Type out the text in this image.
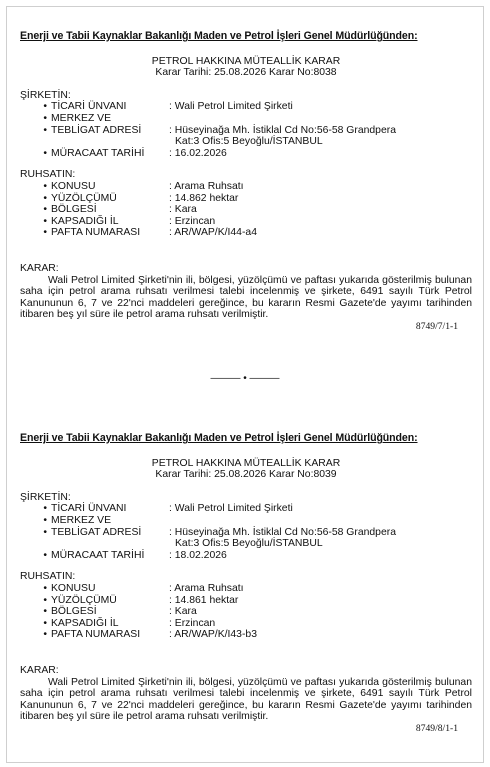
Enerji ve Tabii Kaynaklar Bakanlığı Maden ve Petrol İşleri Genel Müdürlüğünden:
PETROL HAKKINA MÜTEALLİK KARAR
Karar Tarihi: 25.08.2026 Karar No:8038
ŞİRKETİN:
• TİCARİ ÜNVANI	: Wali Petrol Limited Şirketi
• MERKEZ VE
• TEBLİGAT ADRESİ	: Hüseyinağa Mh. İstiklal Cd No:56-58 Grandpera
Kat:3 Ofis:5 Beyoğlu/İSTANBUL
• MÜRACAAT TARİHİ	: 16.02.2026
RUHSATIN:
• KONUSU	: Arama Ruhsatı
• YÜZÖLÇÜMÜ	: 14.862 hektar
• BÖLGESİ	: Kara
• KAPSADIĞI İL	: Erzincan
• PAFTA NUMARASI	: AR/WAP/K/I44-a4
KARAR:
Wali Petrol Limited Şirketi'nin ili, bölgesi, yüzölçümü ve paftası yukarıda gösterilmiş bulunan saha için petrol arama ruhsatı verilmesi talebi incelenmiş ve şirkete, 6491 sayılı Türk Petrol Kanununun 6, 7 ve 22'nci maddeleri gereğince, bu kararın Resmi Gazete'de yayımı tarihinden itibaren beş yıl süre ile petrol arama ruhsatı verilmiştir.
8749/7/1-1
——— • ———
Enerji ve Tabii Kaynaklar Bakanlığı Maden ve Petrol İşleri Genel Müdürlüğünden:
PETROL HAKKINA MÜTEALLİK KARAR
Karar Tarihi: 25.08.2026 Karar No:8039
ŞİRKETİN:
• TİCARİ ÜNVANI	: Wali Petrol Limited Şirketi
• MERKEZ VE
• TEBLİGAT ADRESİ	: Hüseyinağa Mh. İstiklal Cd No:56-58 Grandpera
Kat:3 Ofis:5 Beyoğlu/İSTANBUL
• MÜRACAAT TARİHİ	: 18.02.2026
RUHSATIN:
• KONUSU	: Arama Ruhsatı
• YÜZÖLÇÜMÜ	: 14.861 hektar
• BÖLGESİ	: Kara
• KAPSADIĞI İL	: Erzincan
• PAFTA NUMARASI	: AR/WAP/K/I43-b3
KARAR:
Wali Petrol Limited Şirketi'nin ili, bölgesi, yüzölçümü ve paftası yukarıda gösterilmiş bulunan saha için petrol arama ruhsatı verilmesi talebi incelenmiş ve şirkete, 6491 sayılı Türk Petrol Kanununun 6, 7 ve 22'nci maddeleri gereğince, bu kararın Resmi Gazete'de yayımı tarihinden itibaren beş yıl süre ile petrol arama ruhsatı verilmiştir.
8749/8/1-1
